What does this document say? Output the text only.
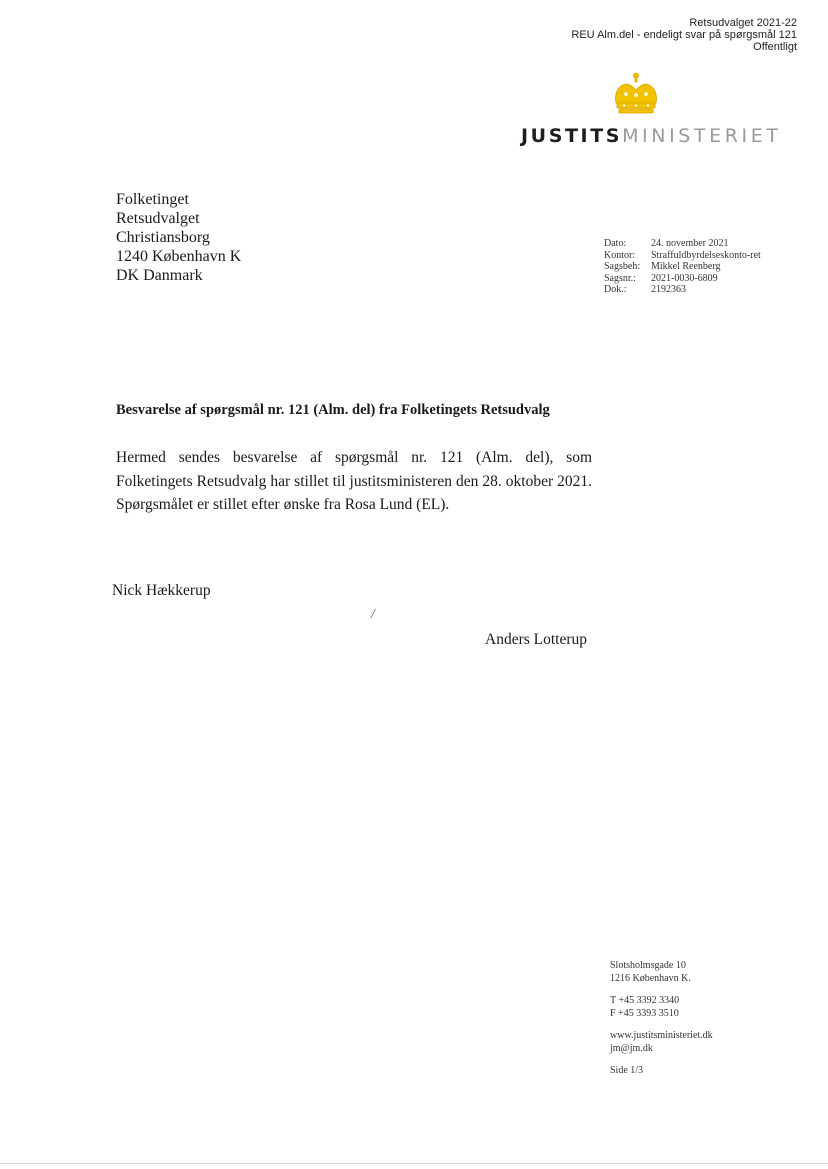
Retsudvalget 2021-22
REU Alm.del - endeligt svar på spørgsmål 121
Offentligt
JUSTITSMINISTERIET
Folketinget
Retsudvalget
Christiansborg
1240 København K
DK Danmark
Dato:	24. november 2021
Kontor:	Straffuldbyrdelseskonto-ret
Sagsbeh:	Mikkel Reenberg
Sagsnr.:	2021-0030-6809
Dok.:	2192363
Besvarelse af spørgsmål nr. 121 (Alm. del) fra Folketingets Retsudvalg
Hermed sendes besvarelse af spørgsmål nr. 121 (Alm. del), som Folketingets Retsudvalg har stillet til justitsministeren den 28. oktober 2021. Spørgsmålet er stillet efter ønske fra Rosa Lund (EL).
Nick Hækkerup
/
Anders Lotterup
Slotsholmsgade 10
1216 København K.
T +45 3392 3340
F +45 3393 3510
www.justitsministeriet.dk
jm@jm.dk
Side 1/3
